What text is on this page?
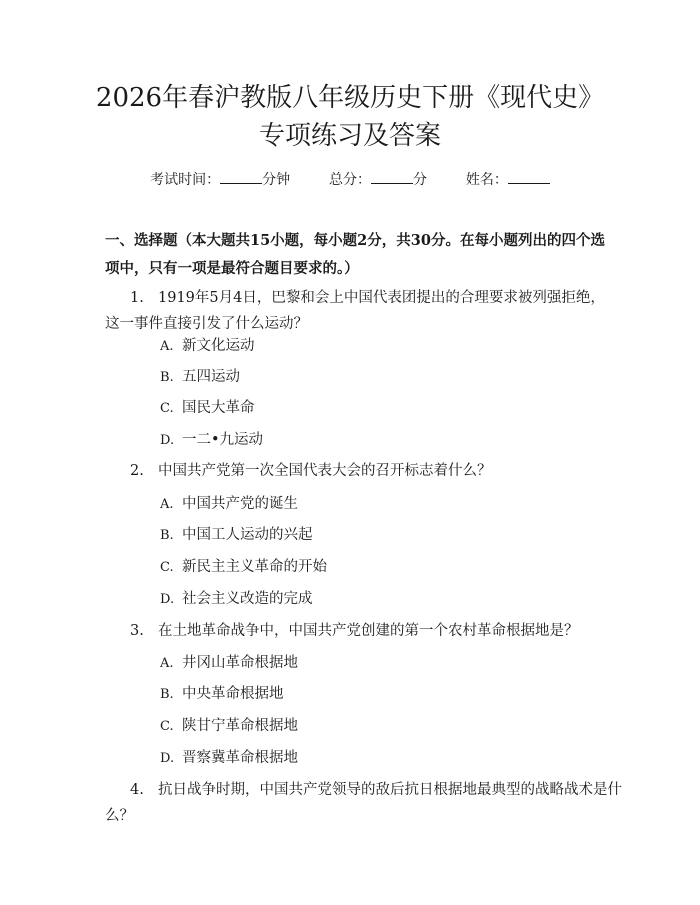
2026年春沪教版八年级历史下册《现代史》
专项练习及答案
考试时间：	分钟	总分：	分	姓名：
一、选择题（本大题共15小题，每小题2分，共30分。在每小题列出的四个选
项中，只有一项是最符合题目要求的。）
1. 1919年5月4日，巴黎和会上中国代表团提出的合理要求被列强拒绝，
这一事件直接引发了什么运动？
A. 新文化运动
B. 五四运动
C. 国民大革命
D. 一二•九运动
2. 中国共产党第一次全国代表大会的召开标志着什么？
A. 中国共产党的诞生
B. 中国工人运动的兴起
C. 新民主主义革命的开始
D. 社会主义改造的完成
3. 在土地革命战争中，中国共产党创建的第一个农村革命根据地是？
A. 井冈山革命根据地
B. 中央革命根据地
C. 陕甘宁革命根据地
D. 晋察冀革命根据地
4. 抗日战争时期，中国共产党领导的敌后抗日根据地最典型的战略战术是什
么？
